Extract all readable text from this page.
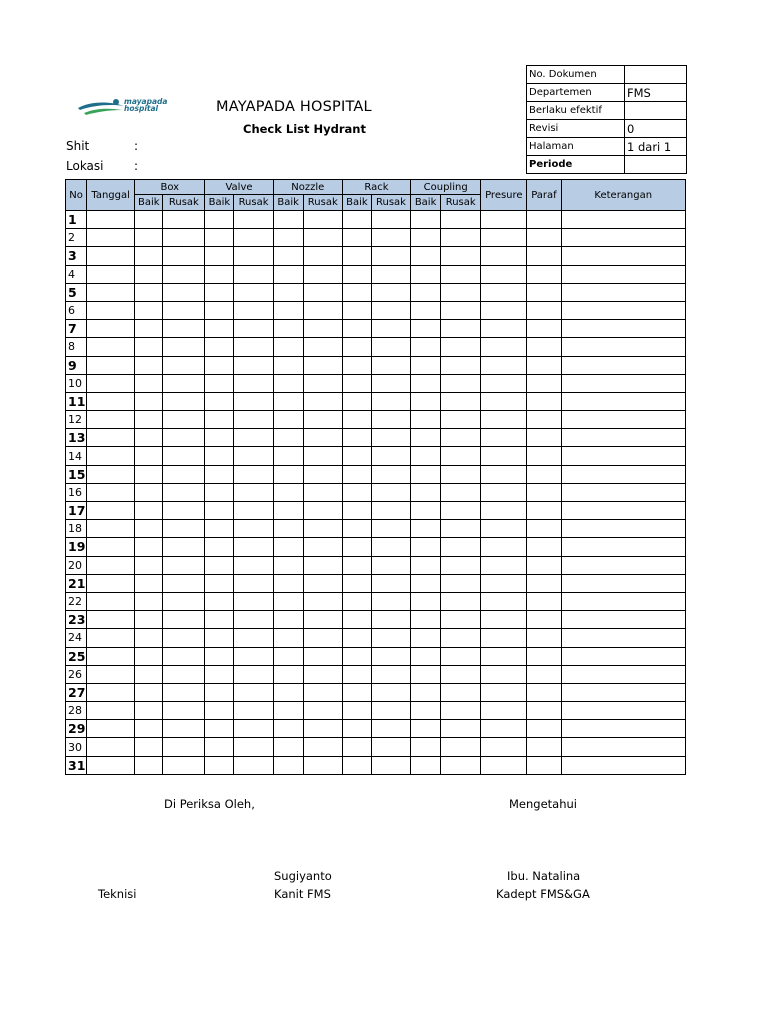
mayapada
hospital	MAYAPADA HOSPITAL
Check List Hydrant
Shit	:
Lokasi	:
No. Dokumen	
Departemen	FMS
Berlaku efektif	
Revisi	0
Halaman	1 dari 1
Periode	
No	Tanggal	Box		Valve		Nozzle		Rack		Coupling		Presure	Paraf	Keterangan
		Baik	Rusak	Baik	Rusak	Baik	Rusak	Baik	Rusak	Baik	Rusak			
1														
2														
3														
4														
5														
6														
7														
8														
9														
10														
11														
12														
13														
14														
15														
16														
17														
18														
19														
20														
21														
22														
23														
24														
25														
26														
27														
28														
29														
30														
31														
Di Periksa Oleh,	Mengetahui
Sugiyanto	Ibu. Natalina
Teknisi	Kanit FMS	Kadept FMS&GA
